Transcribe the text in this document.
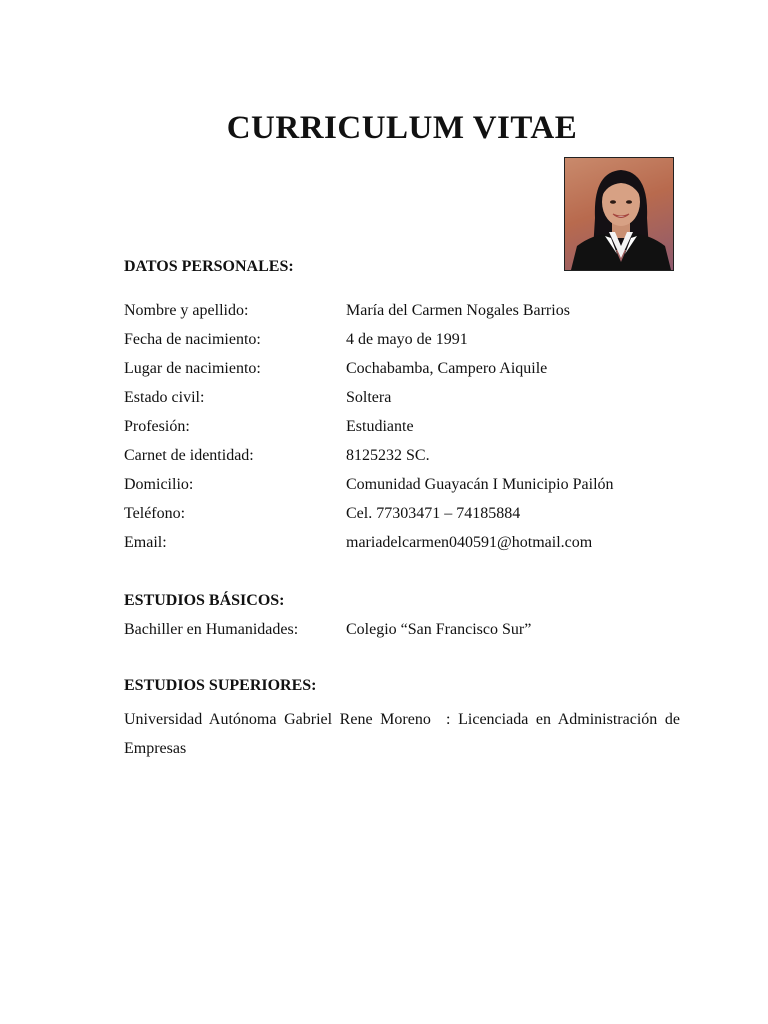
CURRICULUM VITAE
DATOS PERSONALES:
Nombre y apellido:	María del Carmen Nogales Barrios
Fecha de nacimiento:	4 de mayo de 1991
Lugar de nacimiento:	Cochabamba, Campero Aiquile
Estado civil:	Soltera
Profesión:	Estudiante
Carnet de identidad:	8125232 SC.
Domicilio:	Comunidad Guayacán I Municipio Pailón
Teléfono:	Cel. 77303471 – 74185884
Email:	mariadelcarmen040591@hotmail.com
ESTUDIOS BÁSICOS:
Bachiller en Humanidades:	Colegio “San Francisco Sur”
ESTUDIOS SUPERIORES:
Universidad Autónoma Gabriel Rene Moreno  : Licenciada en Administración de Empresas
